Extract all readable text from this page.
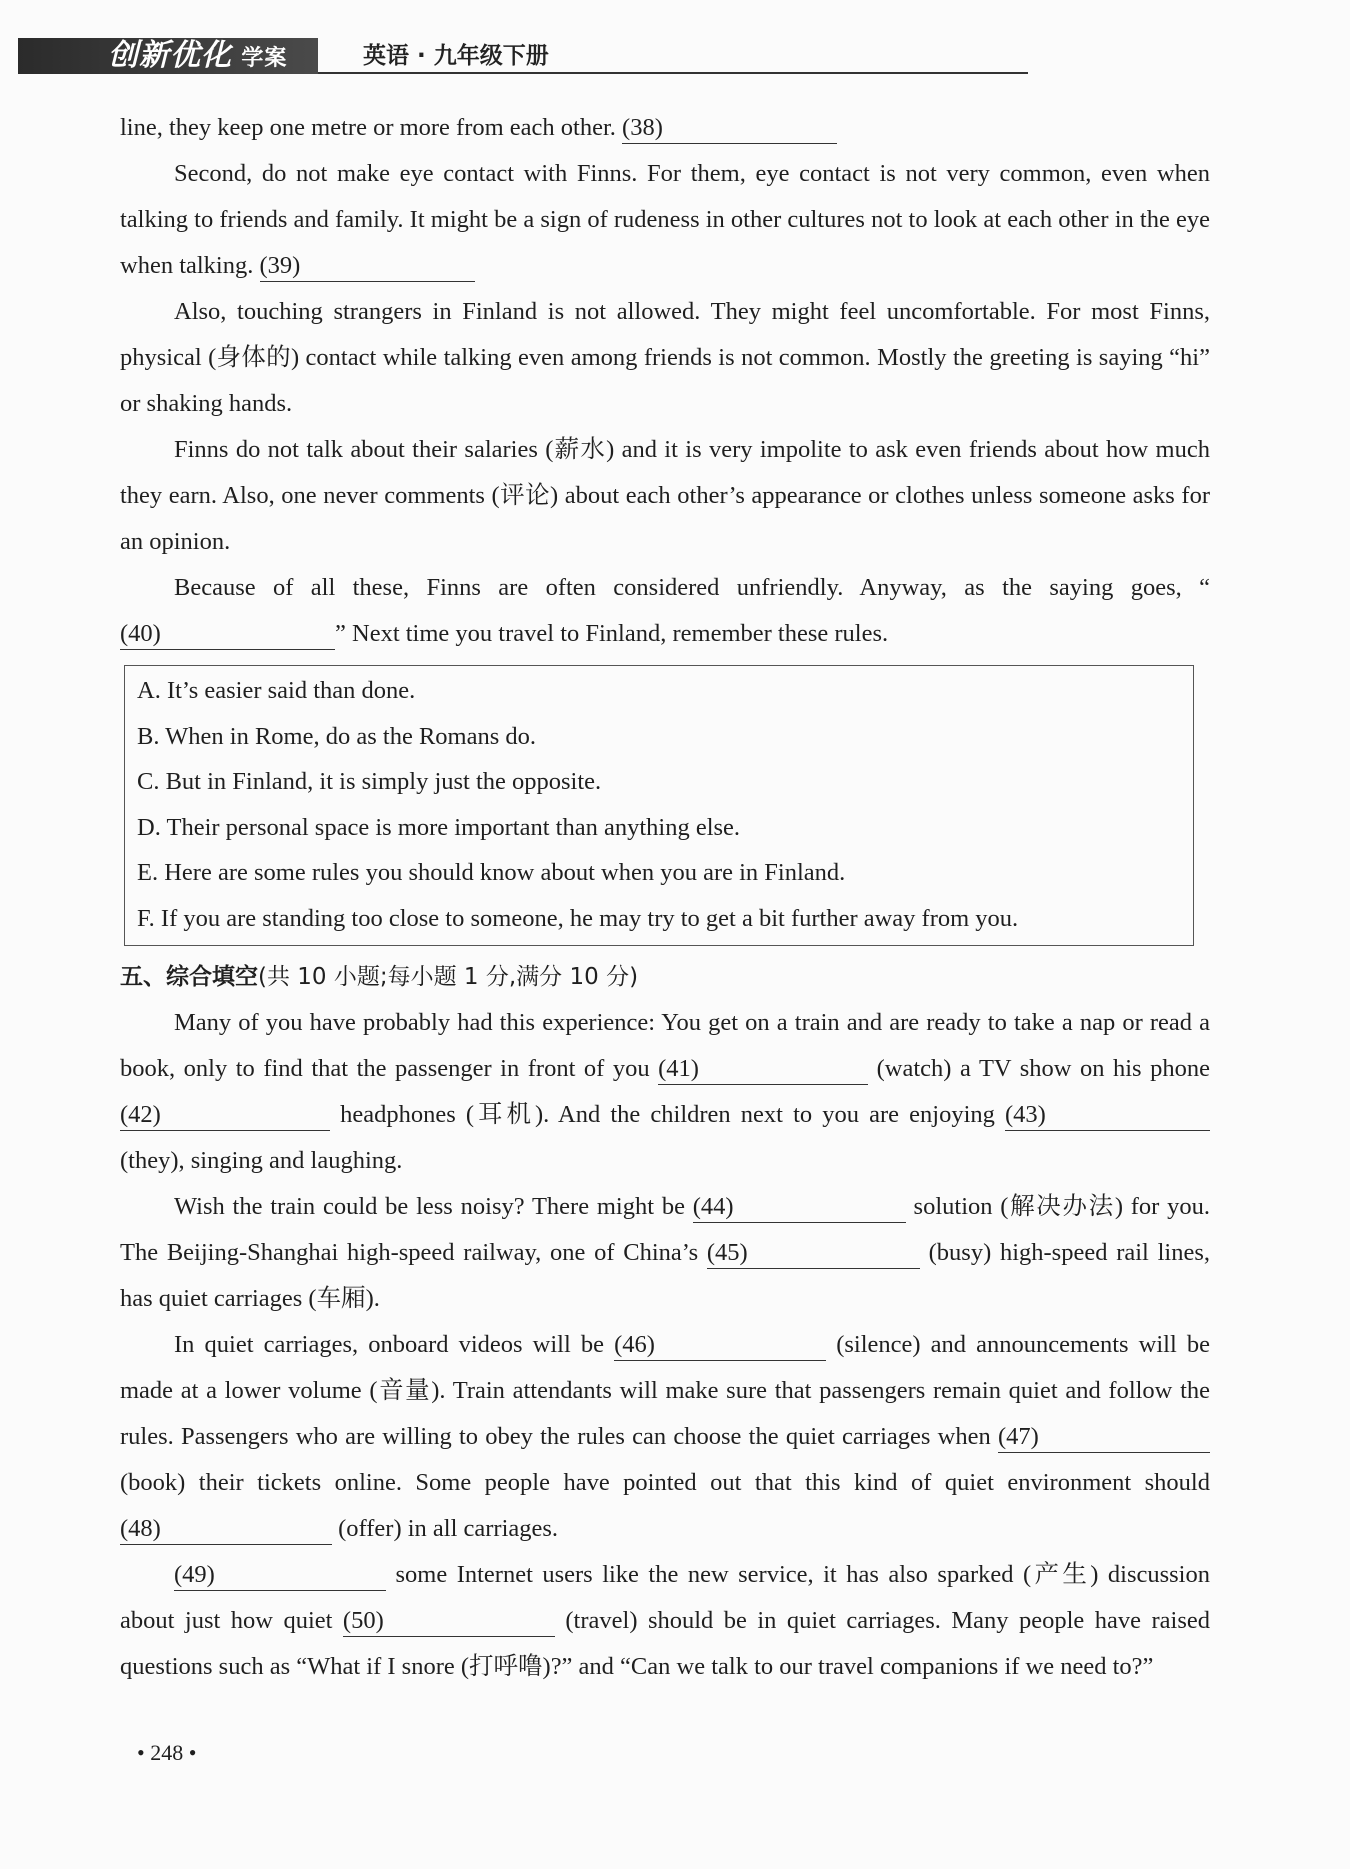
创新优化 学案	英语 · 九年级下册

line, they keep one metre or more from each other. (38)

Second, do not make eye contact with Finns. For them, eye contact is not very common, even when talking to friends and family. It might be a sign of rudeness in other cultures not to look at each other in the eye when talking. (39)

Also, touching strangers in Finland is not allowed. They might feel uncomfortable. For most Finns, physical (身体的) contact while talking even among friends is not common. Mostly the greeting is saying “hi” or shaking hands.

Finns do not talk about their salaries (薪水) and it is very impolite to ask even friends about how much they earn. Also, one never comments (评论) about each other’s appearance or clothes unless someone asks for an opinion.

Because of all these, Finns are often considered unfriendly. Anyway, as the saying goes, “(40)	” Next time you travel to Finland, remember these rules.

A. It’s easier said than done.

B. When in Rome, do as the Romans do.

C. But in Finland, it is simply just the opposite.

D. Their personal space is more important than anything else.

E. Here are some rules you should know about when you are in Finland.

F. If you are standing too close to someone, he may try to get a bit further away from you.

五、综合填空(共 10 小题;每小题 1 分,满分 10 分)

Many of you have probably had this experience: You get on a train and are ready to take a nap or read a book, only to find that the passenger in front of you (41)	(watch) a TV show on his phone (42)	headphones (耳机). And the children next to you are enjoying (43) (they), singing and laughing.

Wish the train could be less noisy? There might be (44)	solution (解决办法) for you. The Beijing-Shanghai high-speed railway, one of China’s (45)	(busy) high-speed rail lines, has quiet carriages (车厢).

In quiet carriages, onboard videos will be (46)	(silence) and announcements will be made at a lower volume (音量). Train attendants will make sure that passengers remain quiet and follow the rules. Passengers who are willing to obey the rules can choose the quiet carriages when (47) (book) their tickets online. Some people have pointed out that this kind of quiet environment should (48)	(offer) in all carriages.

(49)	some Internet users like the new service, it has also sparked (产生) discussion about just how quiet (50)	(travel) should be in quiet carriages. Many people have raised questions such as “What if I snore (打呼噜)?” and “Can we talk to our travel companions if we need to?”

• 248 •
